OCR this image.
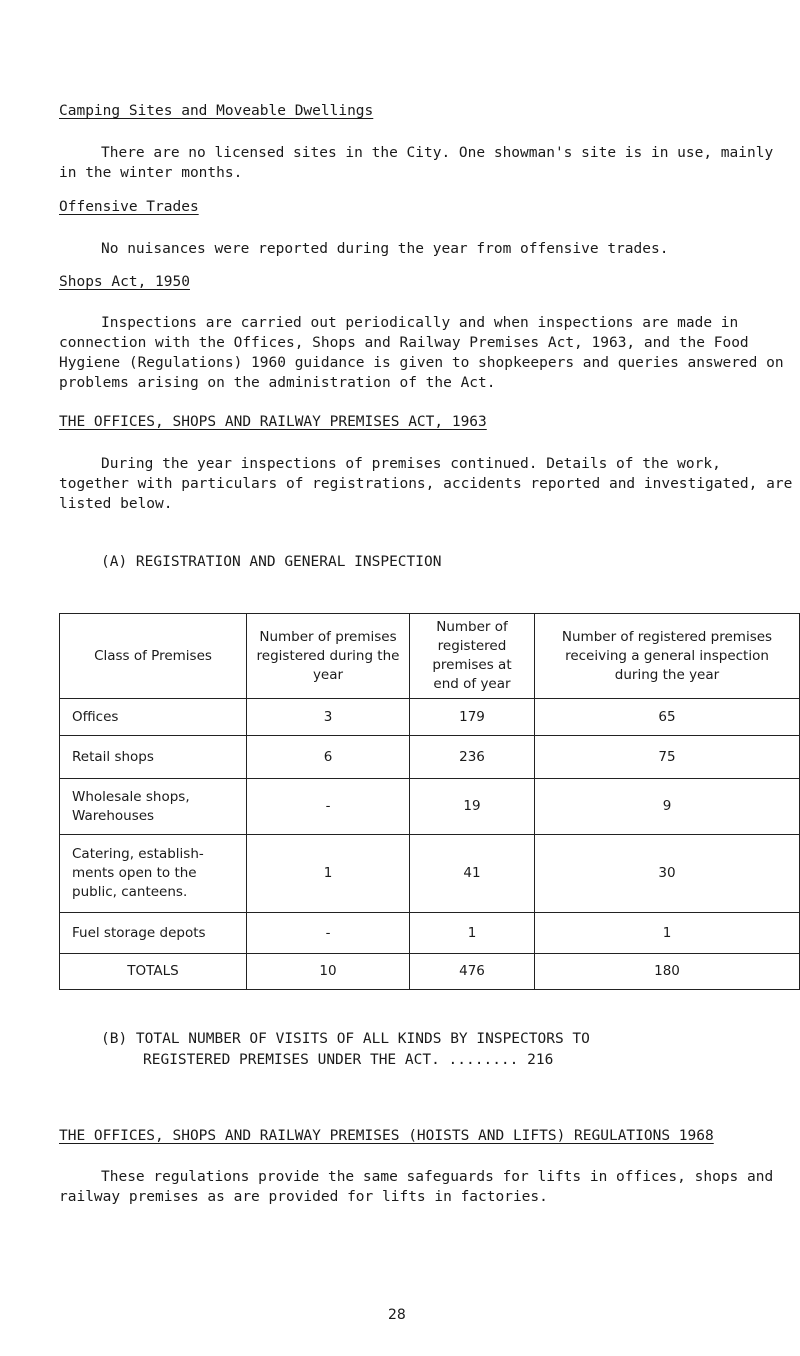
Camping Sites and Moveable Dwellings
There are no licensed sites in the City. One showman's site is in use, mainly in the winter months.
Offensive Trades
No nuisances were reported during the year from offensive trades.
Shops Act, 1950
Inspections are carried out periodically and when inspections are made in connection with the Offices, Shops and Railway Premises Act, 1963, and the Food Hygiene (Regulations) 1960 guidance is given to shopkeepers and queries answered on problems arising on the administration of the Act.
THE OFFICES, SHOPS AND RAILWAY PREMISES ACT, 1963
During the year inspections of premises continued. Details of the work, together with particulars of registrations, accidents reported and investigated, are listed below.
(A) REGISTRATION AND GENERAL INSPECTION
Class of Premises	Number of premises registered during the year	Number of registered premises at end of year	Number of registered premises receiving a general inspection during the year
Offices	3	179	65
Retail shops	6	236	75
Wholesale shops, Warehouses	-	19	9
Catering, establish-ments open to the public, canteens.	1	41	30
Fuel storage depots	-	1	1
TOTALS	10	476	180
(B) TOTAL NUMBER OF VISITS OF ALL KINDS BY INSPECTORS TO
REGISTERED PREMISES UNDER THE ACT. ........ 216
THE OFFICES, SHOPS AND RAILWAY PREMISES (HOISTS AND LIFTS) REGULATIONS 1968
These regulations provide the same safeguards for lifts in offices, shops and railway premises as are provided for lifts in factories.
28
